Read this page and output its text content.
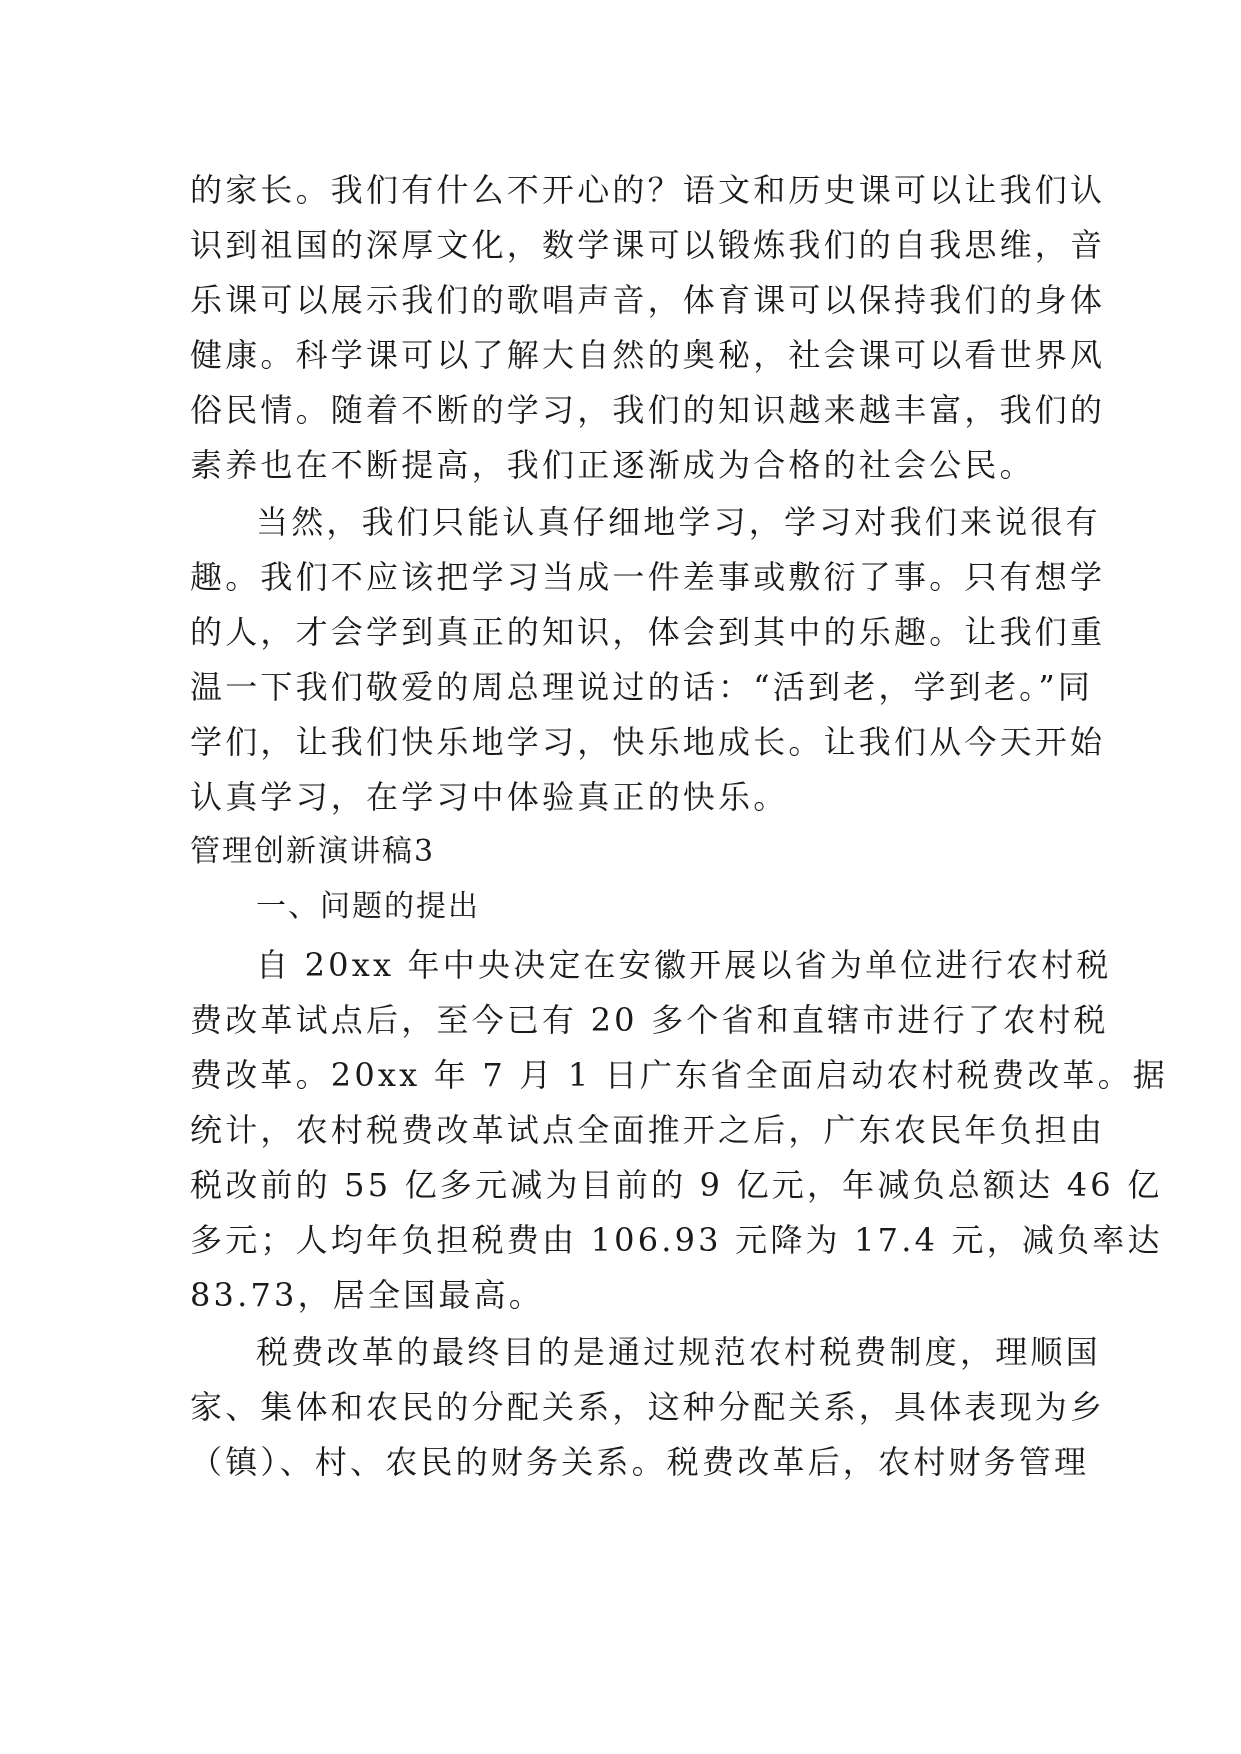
的家长。我们有什么不开心的？语文和历史课可以让我们认
识到祖国的深厚文化，数学课可以锻炼我们的自我思维，音
乐课可以展示我们的歌唱声音，体育课可以保持我们的身体
健康。科学课可以了解大自然的奥秘，社会课可以看世界风
俗民情。随着不断的学习，我们的知识越来越丰富，我们的
素养也在不断提高，我们正逐渐成为合格的社会公民。
当然，我们只能认真仔细地学习，学习对我们来说很有
趣。我们不应该把学习当成一件差事或敷衍了事。只有想学
的人，才会学到真正的知识，体会到其中的乐趣。让我们重
温一下我们敬爱的周总理说过的话：“活到老，学到老。”同
学们，让我们快乐地学习，快乐地成长。让我们从今天开始
认真学习，在学习中体验真正的快乐。
管理创新演讲稿3
一、问题的提出
自 20xx 年中央决定在安徽开展以省为单位进行农村税
费改革试点后，至今已有 20 多个省和直辖市进行了农村税
费改革。20xx 年 7 月 1 日广东省全面启动农村税费改革。据
统计，农村税费改革试点全面推开之后，广东农民年负担由
税改前的 55 亿多元减为目前的 9 亿元，年减负总额达 46 亿
多元；人均年负担税费由 106.93 元降为 17.4 元，减负率达
83.73，居全国最高。
税费改革的最终目的是通过规范农村税费制度，理顺国
家、集体和农民的分配关系，这种分配关系，具体表现为乡
（镇）、村、农民的财务关系。税费改革后，农村财务管理
